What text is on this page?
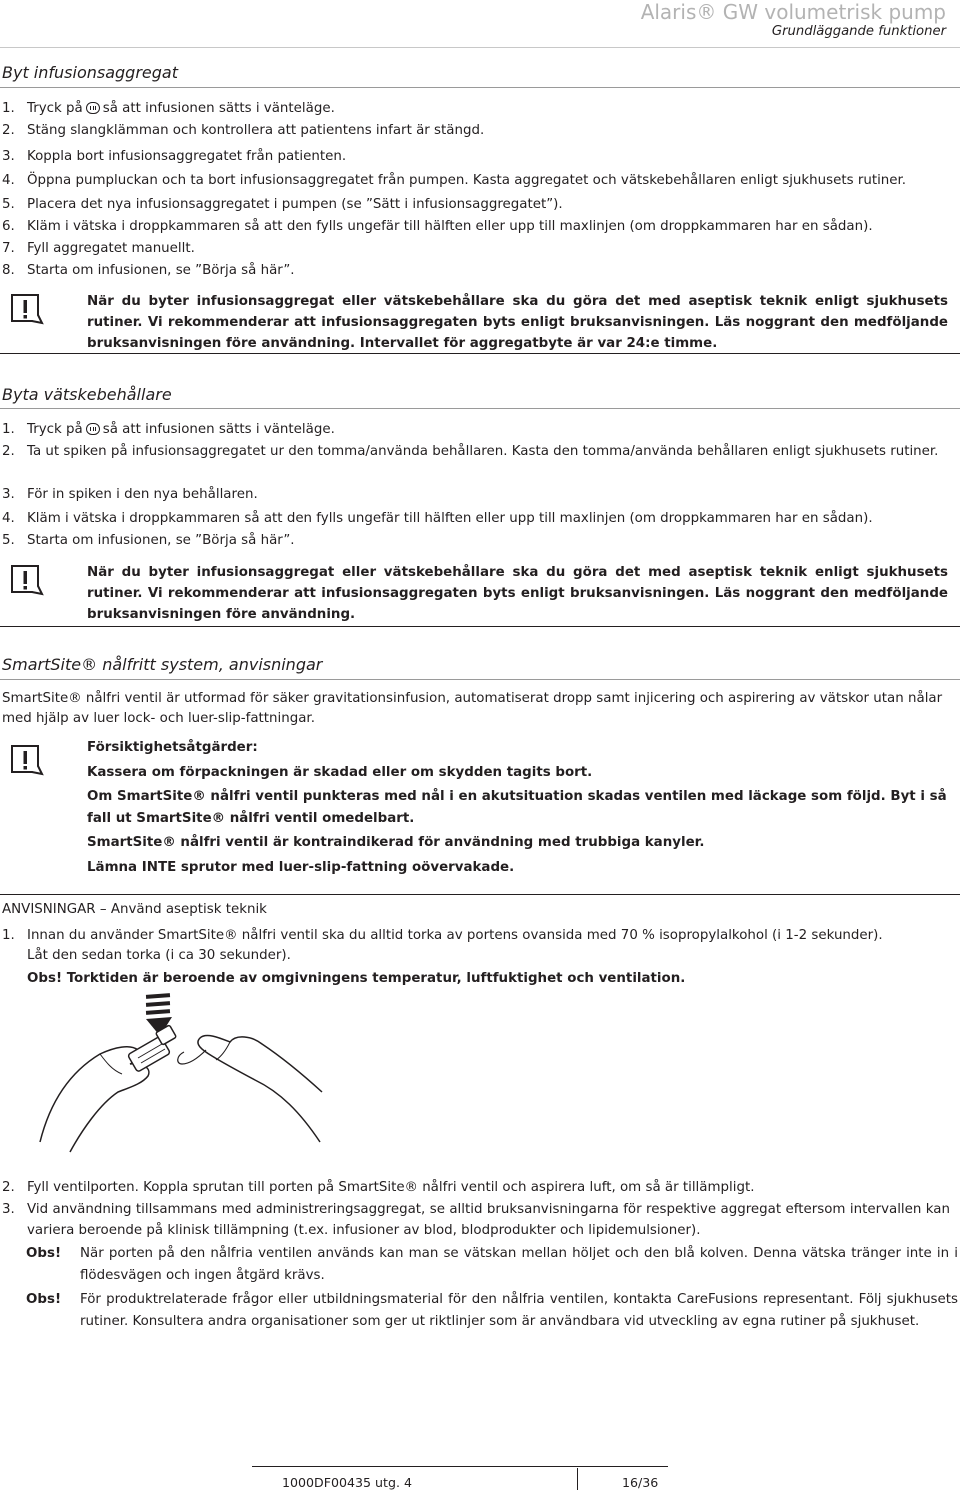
Alaris® GW volumetrisk pump
Grundläggande funktioner
Byt infusionsaggregat
1. Tryck på så att infusionen sätts i vänteläge.
2. Stäng slangklämman och kontrollera att patientens infart är stängd.
3. Koppla bort infusionsaggregatet från patienten.
4. Öppna pumpluckan och ta bort infusionsaggregatet från pumpen. Kasta aggregatet och vätskebehållaren enligt sjukhusets rutiner.
5. Placera det nya infusionsaggregatet i pumpen (se ”Sätt i infusionsaggregatet”).
6. Kläm i vätska i droppkammaren så att den fylls ungefär till hälften eller upp till maxlinjen (om droppkammaren har en sådan).
7. Fyll aggregatet manuellt.
8. Starta om infusionen, se ”Börja så här”.
När du byter infusionsaggregat eller vätskebehållare ska du göra det med aseptisk teknik enligt sjukhusets rutiner. Vi rekommenderar att infusionsaggregaten byts enligt bruksanvisningen. Läs noggrant den medföljande bruksanvisningen före användning. Intervallet för aggregatbyte är var 24:e timme.
Byta vätskebehållare
1. Tryck på så att infusionen sätts i vänteläge.
2. Ta ut spiken på infusionsaggregatet ur den tomma/använda behållaren. Kasta den tomma/använda behållaren enligt sjukhusets rutiner.
3. För in spiken i den nya behållaren.
4. Kläm i vätska i droppkammaren så att den fylls ungefär till hälften eller upp till maxlinjen (om droppkammaren har en sådan).
5. Starta om infusionen, se ”Börja så här”.
När du byter infusionsaggregat eller vätskebehållare ska du göra det med aseptisk teknik enligt sjukhusets rutiner. Vi rekommenderar att infusionsaggregaten byts enligt bruksanvisningen. Läs noggrant den medföljande bruksanvisningen före användning.
SmartSite® nålfritt system, anvisningar
SmartSite® nålfri ventil är utformad för säker gravitationsinfusion, automatiserat dropp samt injicering och aspirering av vätskor utan nålar med hjälp av luer lock- och luer-slip-fattningar.

Försiktighetsåtgärder:

Kassera om förpackningen är skadad eller om skydden tagits bort.

Om SmartSite® nålfri ventil punkteras med nål i en akutsituation skadas ventilen med läckage som följd. Byt i så fall ut SmartSite® nålfri ventil omedelbart.

SmartSite® nålfri ventil är kontraindikerad för användning med trubbiga kanyler.

Lämna INTE sprutor med luer-slip-fattning oövervakade.

ANVISNINGAR – Använd aseptisk teknik
1. Innan du använder SmartSite® nålfri ventil ska du alltid torka av portens ovansida med 70 % isopropylalkohol (i 1-2 sekunder).
Låt den sedan torka (i ca 30 sekunder).
Obs! Torktiden är beroende av omgivningens temperatur, luftfuktighet och ventilation.
2. Fyll ventilporten. Koppla sprutan till porten på SmartSite® nålfri ventil och aspirera luft, om så är tillämpligt.
3. Vid användning tillsammans med administreringsaggregat, se alltid bruksanvisningarna för respektive aggregat eftersom intervallen kan variera beroende på klinisk tillämpning (t.ex. infusioner av blod, blodprodukter och lipidemulsioner).
Obs!	När porten på den nålfria ventilen används kan man se vätskan mellan höljet och den blå kolven. Denna vätska tränger inte in i flödesvägen och ingen åtgärd krävs.
Obs!	För produktrelaterade frågor eller utbildningsmaterial för den nålfria ventilen, kontakta CareFusions representant. Följ sjukhusets rutiner. Konsultera andra organisationer som ger ut riktlinjer som är användbara vid utveckling av egna rutiner på sjukhuset.
1000DF00435 utg. 4	16/36
